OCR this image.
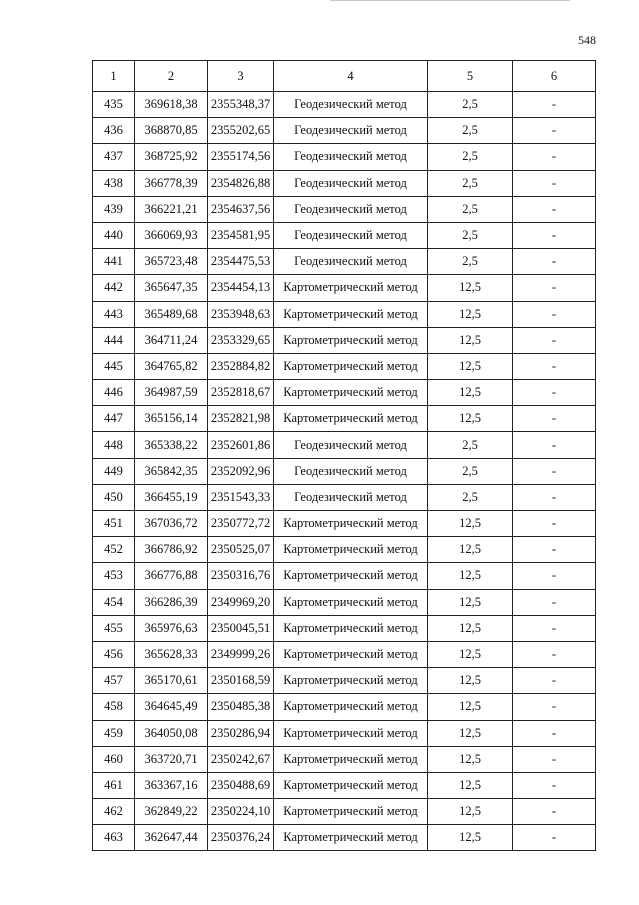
548
1	2	3	4	5	6
435	369618,38	2355348,37	Геодезический метод	2,5	-
436	368870,85	2355202,65	Геодезический метод	2,5	-
437	368725,92	2355174,56	Геодезический метод	2,5	-
438	366778,39	2354826,88	Геодезический метод	2,5	-
439	366221,21	2354637,56	Геодезический метод	2,5	-
440	366069,93	2354581,95	Геодезический метод	2,5	-
441	365723,48	2354475,53	Геодезический метод	2,5	-
442	365647,35	2354454,13	Картометрический метод	12,5	-
443	365489,68	2353948,63	Картометрический метод	12,5	-
444	364711,24	2353329,65	Картометрический метод	12,5	-
445	364765,82	2352884,82	Картометрический метод	12,5	-
446	364987,59	2352818,67	Картометрический метод	12,5	-
447	365156,14	2352821,98	Картометрический метод	12,5	-
448	365338,22	2352601,86	Геодезический метод	2,5	-
449	365842,35	2352092,96	Геодезический метод	2,5	-
450	366455,19	2351543,33	Геодезический метод	2,5	-
451	367036,72	2350772,72	Картометрический метод	12,5	-
452	366786,92	2350525,07	Картометрический метод	12,5	-
453	366776,88	2350316,76	Картометрический метод	12,5	-
454	366286,39	2349969,20	Картометрический метод	12,5	-
455	365976,63	2350045,51	Картометрический метод	12,5	-
456	365628,33	2349999,26	Картометрический метод	12,5	-
457	365170,61	2350168,59	Картометрический метод	12,5	-
458	364645,49	2350485,38	Картометрический метод	12,5	-
459	364050,08	2350286,94	Картометрический метод	12,5	-
460	363720,71	2350242,67	Картометрический метод	12,5	-
461	363367,16	2350488,69	Картометрический метод	12,5	-
462	362849,22	2350224,10	Картометрический метод	12,5	-
463	362647,44	2350376,24	Картометрический метод	12,5	-
